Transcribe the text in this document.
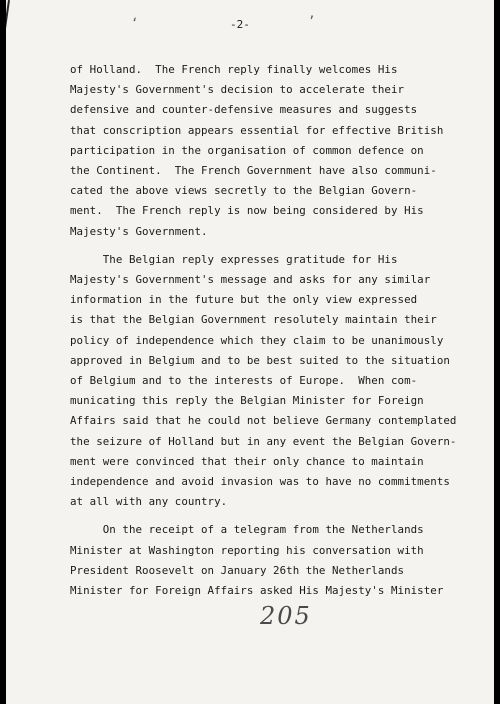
‘	’
-2-

of Holland.  The French reply finally welcomes His
Majesty's Government's decision to accelerate their
defensive and counter-defensive measures and suggests
that conscription appears essential for effective British
participation in the organisation of common defence on
the Continent.  The French Government have also communi-
cated the above views secretly to the Belgian Govern-
ment.  The French reply is now being considered by His
Majesty's Government.

The Belgian reply expresses gratitude for His
Majesty's Government's message and asks for any similar
information in the future but the only view expressed
is that the Belgian Government resolutely maintain their
policy of independence which they claim to be unanimously
approved in Belgium and to be best suited to the situation
of Belgium and to the interests of Europe.  When com-
municating this reply the Belgian Minister for Foreign
Affairs said that he could not believe Germany contemplated
the seizure of Holland but in any event the Belgian Govern-
ment were convinced that their only chance to maintain
independence and avoid invasion was to have no commitments
at all with any country.

On the receipt of a telegram from the Netherlands
Minister at Washington reporting his conversation with
President Roosevelt on January 26th the Netherlands
Minister for Foreign Affairs asked His Majesty's Minister

205
